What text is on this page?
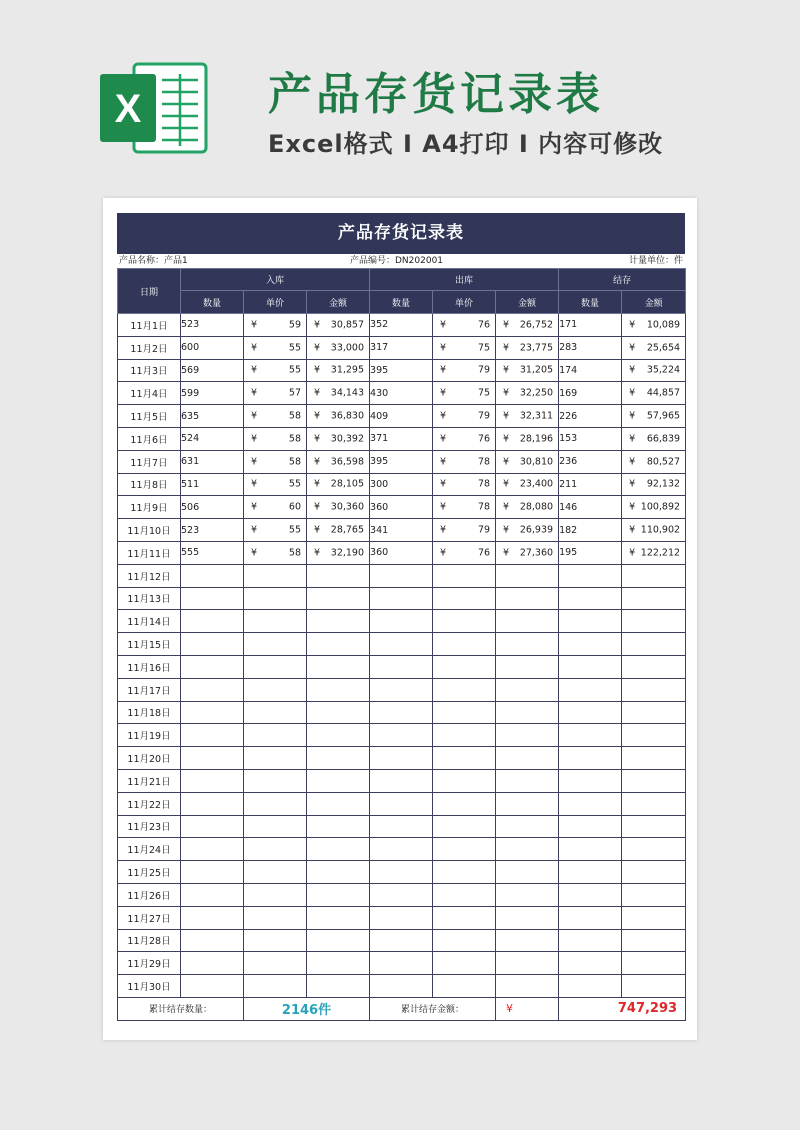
X	产品存货记录表
Excel格式 I A4打印 I 内容可修改
产品存货记录表
产品名称：产品1	产品编号：DN202001	计量单位：件
日期	入库			出库			结存	
	数量	单价	金额	数量	单价	金额	数量	金额
11月1日	523	¥ 59	¥ 30,857	352	¥ 76	¥ 26,752	171	¥ 10,089

11月2日	600	¥ 55	¥ 33,000	317	¥ 75	¥ 23,775	283	¥ 25,654

11月3日	569	¥ 55	¥ 31,295	395	¥ 79	¥ 31,205	174	¥ 35,224

11月4日	599	¥ 57	¥ 34,143	430	¥ 75	¥ 32,250	169	¥ 44,857

11月5日	635	¥ 58	¥ 36,830	409	¥ 79	¥ 32,311	226	¥ 57,965

11月6日	524	¥ 58	¥ 30,392	371	¥ 76	¥ 28,196	153	¥ 66,839

11月7日	631	¥ 58	¥ 36,598	395	¥ 78	¥ 30,810	236	¥ 80,527

11月8日	511	¥ 55	¥ 28,105	300	¥ 78	¥ 23,400	211	¥ 92,132

11月9日	506	¥ 60	¥ 30,360	360	¥ 78	¥ 28,080	146	¥ 100,892

11月10日	523	¥ 55	¥ 28,765	341	¥ 79	¥ 26,939	182	¥ 110,902

11月11日	555	¥ 58	¥ 32,190	360	¥ 76	¥ 27,360	195	¥ 122,212

11月12日								
11月13日								
11月14日								
11月15日								
11月16日								
11月17日								
11月18日								
11月19日								
11月20日								
11月21日								
11月22日								
11月23日								
11月24日								
11月25日								
11月26日								
11月27日								
11月28日								
11月29日								
11月30日								
累计结存数量：		2146件		累计结存金额：		¥	747,293	
